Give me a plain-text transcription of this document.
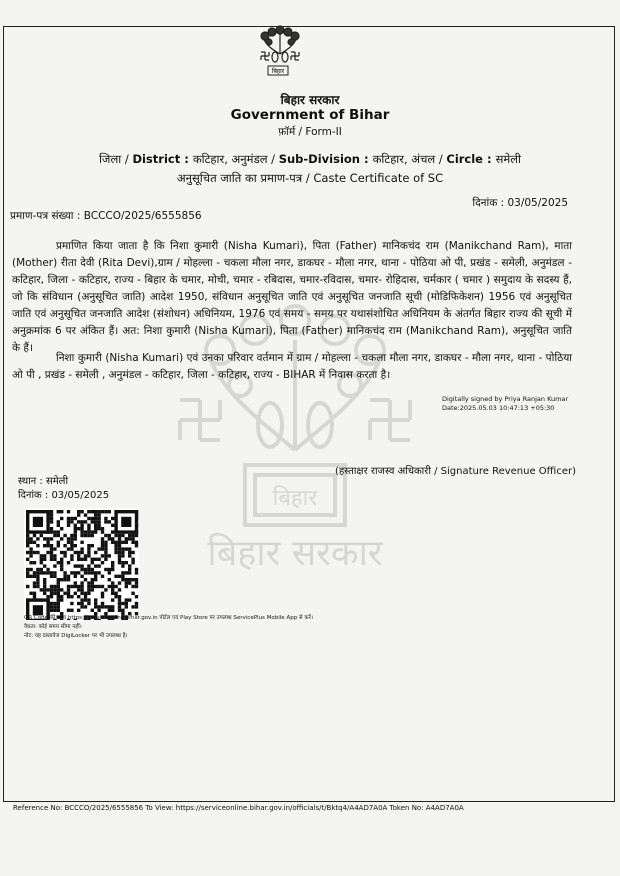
बिहार
बिहार
बिहार सरकार
बिहार सरकार
Government of Bihar
फ़ॉर्म / Form-II
जिला / District : कटिहार, अनुमंडल / Sub-Division : कटिहार, अंचल / Circle : समेली
अनुसूचित जाति का प्रमाण-पत्र / Caste Certificate of SC
दिनांक : 03/05/2025
प्रमाण-पत्र संख्या : BCCCO/2025/6555856
प्रमाणित किया जाता है कि निशा कुमारी (Nisha Kumari), पिता (Father) मानिकचंद राम (Manikchand Ram), माता (Mother) रीता देवी (Rita Devi),ग्राम / मोहल्ला - चकला मौला नगर, डाकघर - मौला नगर, थाना - पोठिया ओ पी, प्रखंड - समेली, अनुमंडल - कटिहार, जिला - कटिहार, राज्य - बिहार के चमार, मोची, चमार - रबिदास, चमार-रविदास, चमार- रोहिदास, चर्मकार ( चमार ) समुदाय के सदस्य हैं, जो कि संविधान (अनुसूचित जाति) आदेश 1950, संविधान अनुसूचित जाति एवं अनुसूचित जनजाति सूची (मोडिफिकेशन) 1956 एवं अनुसूचित जाति एवं अनुसूचित जनजाति आदेश (संशोधन) अधिनियम, 1976 एवं समय - समय पर यथासंशोधित अधिनियम के अंतर्गत बिहार राज्य की सूची में अनुक्रमांक 6 पर अंकित हैं। अत: निशा कुमारी (Nisha Kumari), पिता (Father) मानिकचंद राम (Manikchand Ram), अनुसूचित जाति के हैं।
निशा कुमारी (Nisha Kumari) एवं उनका परिवार वर्तमान में ग्राम / मोहल्ला - चकला मौला नगर, डाकघर - मौला नगर, थाना - पोठिया ओ पी , प्रखंड - समेली , अनुमंडल - कटिहार, जिला - कटिहार, राज्य - BIHAR में निवास करता है।
Digitally signed by Priya Ranjan Kumar
Date:2025.05.03 10:47:13 +05:30
(हस्ताक्षर राजस्व अधिकारी / Signature Revenue Officer)
स्थान : समेली
दिनांक : 03/05/2025
QR Code की जाँच https://serviceonline.bihar.gov.in पोर्टल एवं Play Store पर उपलब्ध ServicePlus Mobile App से करें।
वैधता: कोई समय सीमा नहीं।
नोट: यह दस्तावेज DigiLocker पर भी उपलब्ध है।
Reference No: BCCCO/2025/6555856 To View: https://serviceonline.bihar.gov.in/officials/t/Bktq4/A4AD7A0A Token No: A4AD7A0A
